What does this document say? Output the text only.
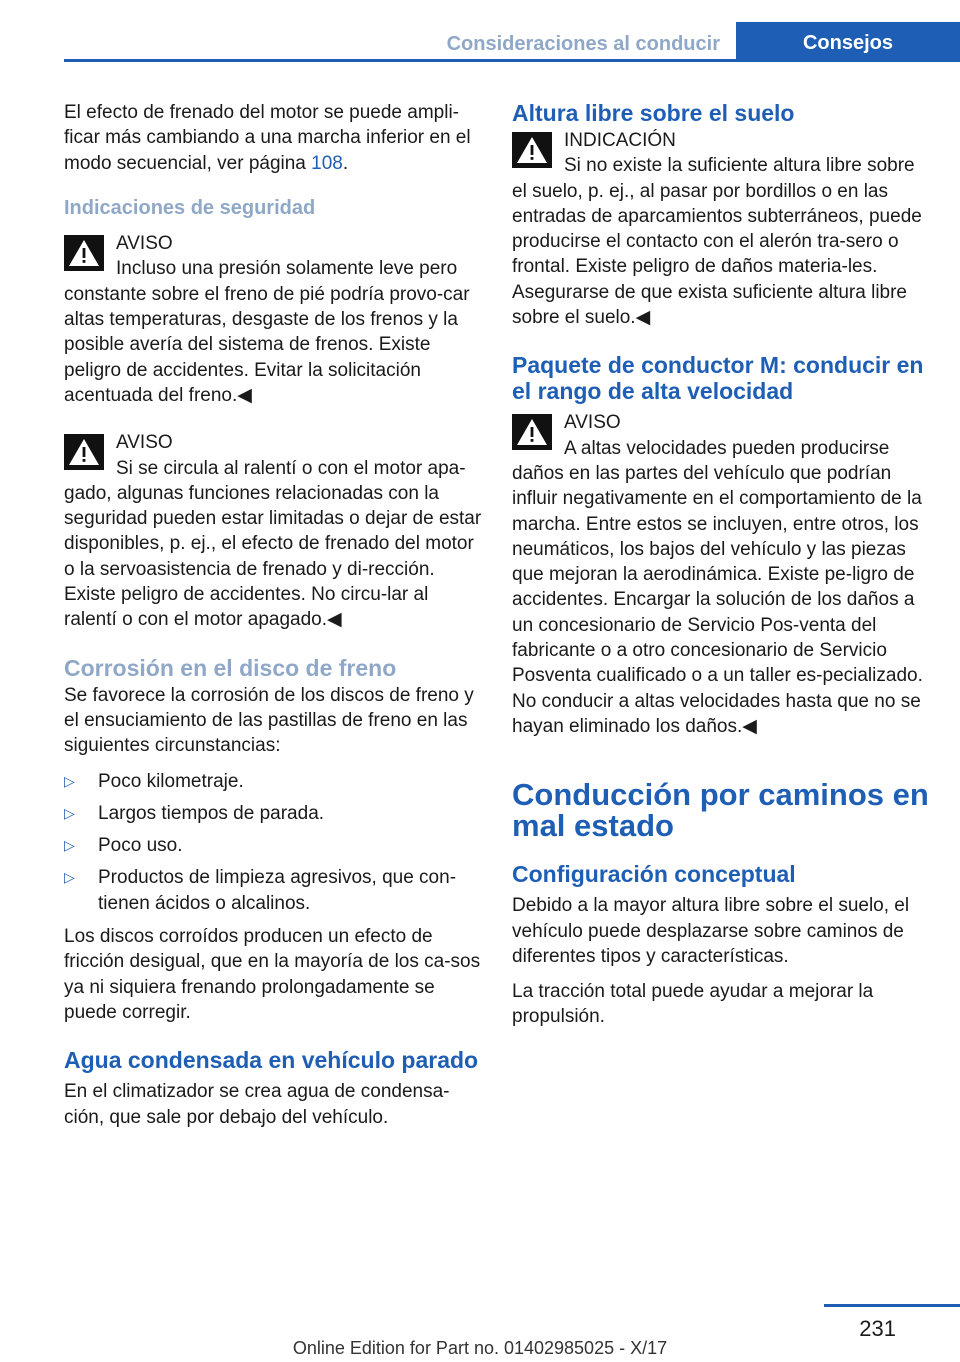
Consideraciones al conducir	Consejos

El efecto de frenado del motor se puede ampli‐ficar más cambiando a una marcha inferior en el modo secuencial, ver página 108.

Indicaciones de seguridad
AVISO
Incluso una presión solamente leve pero constante sobre el freno de pié podría provo‐car altas temperaturas, desgaste de los frenos y la posible avería del sistema de frenos. Existe peligro de accidentes. Evitar la solicitación acentuada del freno.◀
AVISO
Si se circula al ralentí o con el motor apa‐gado, algunas funciones relacionadas con la seguridad pueden estar limitadas o dejar de estar disponibles, p. ej., el efecto de frenado del motor o la servoasistencia de frenado y di‐rección. Existe peligro de accidentes. No circu‐lar al ralentí o con el motor apagado.◀
Corrosión en el disco de freno

Se favorece la corrosión de los discos de freno y el ensuciamiento de las pastillas de freno en las siguientes circunstancias:

▷ Poco kilometraje.
▷ Largos tiempos de parada.
▷ Poco uso.
▷ Productos de limpieza agresivos, que con‐tienen ácidos o alcalinos.

Los discos corroídos producen un efecto de fricción desigual, que en la mayoría de los ca‐sos ya ni siquiera frenando prolongadamente se puede corregir.

Agua condensada en vehículo parado

En el climatizador se crea agua de condensa‐ción, que sale por debajo del vehículo.

Altura libre sobre el suelo
INDICACIÓN
Si no existe la suficiente altura libre sobre el suelo, p. ej., al pasar por bordillos o en las entradas de aparcamientos subterráneos, puede producirse el contacto con el alerón tra‐sero o frontal. Existe peligro de daños materia‐les. Asegurarse de que exista suficiente altura libre sobre el suelo.◀
Paquete de conductor M: conducir en el rango de alta velocidad
AVISO
A altas velocidades pueden producirse daños en las partes del vehículo que podrían influir negativamente en el comportamiento de la marcha. Entre estos se incluyen, entre otros, los neumáticos, los bajos del vehículo y las piezas que mejoran la aerodinámica. Existe pe‐ligro de accidentes. Encargar la solución de los daños a un concesionario de Servicio Pos‐venta del fabricante o a otro concesionario de Servicio Posventa cualificado o a un taller es‐pecializado. No conducir a altas velocidades hasta que no se hayan eliminado los daños.◀
Conducción por caminos en mal estado
Configuración conceptual

Debido a la mayor altura libre sobre el suelo, el vehículo puede desplazarse sobre caminos de diferentes tipos y características.

La tracción total puede ayudar a mejorar la propulsión.

231
Online Edition for Part no. 01402985025 - X/17
